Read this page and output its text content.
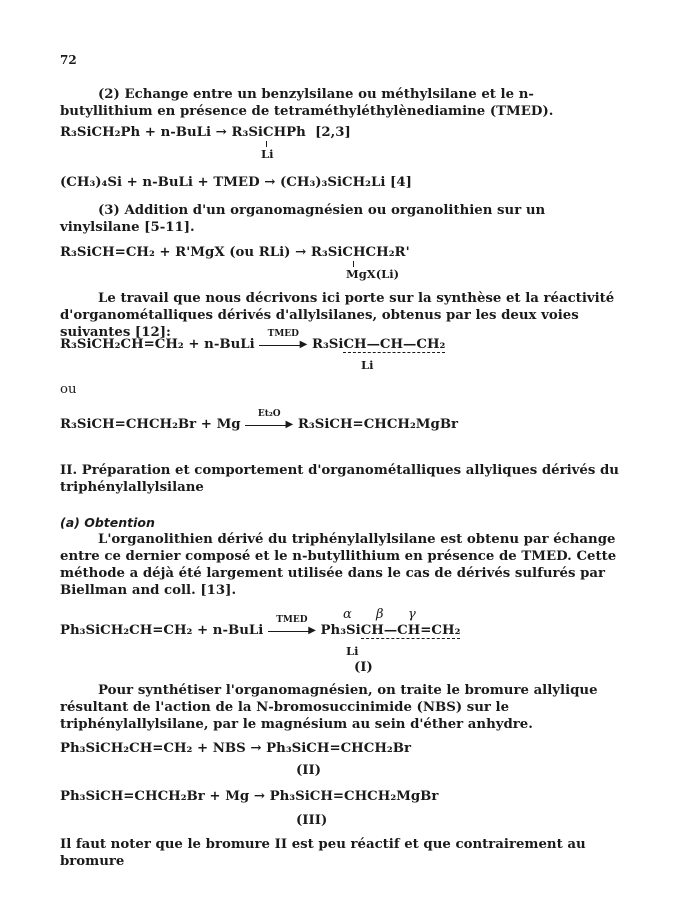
72
(2) Echange entre un benzylsilane ou méthylsilane et le n-butyllithium en présence de tetraméthyléthylènediamine (TMED).
R₃SiCH₂Ph + n-BuLi → R₃SiCHPh [2,3]
Li
(CH₃)₄Si + n-BuLi + TMED → (CH₃)₃SiCH₂Li [4]
(3) Addition d'un organomagnésien ou organolithien sur un vinylsilane [5-11].
R₃SiCH=CH₂ + R'MgX (ou RLi) → R₃SiCHCH₂R'
MgX(Li)
Le travail que nous décrivons ici porte sur la synthèse et la réactivité d'organométalliques dérivés d'allylsilanes, obtenus par les deux voies suivantes [12]:
R₃SiCH₂CH=CH₂ + n-BuLi
TMED
▶ R₃SiCH—CH—CH₂
Li
ou
R₃SiCH=CHCH₂Br + Mg
Et₂O
▶ R₃SiCH=CHCH₂MgBr
II. Préparation et comportement d'organométalliques allyliques dérivés du triphénylallylsilane
(a) Obtention
L'organolithien dérivé du triphénylallylsilane est obtenu par échange entre ce dernier composé et le n-butyllithium en présence de TMED. Cette méthode a déjà été largement utilisée dans le cas de dérivés sulfurés par Biellman and coll. [13].
α β γ
Ph₃SiCH₂CH=CH₂ + n-BuLi
TMED
▶ Ph₃SiCH—CH=CH₂
Li
(I)
Pour synthétiser l'organomagnésien, on traite le bromure allylique résultant de l'action de la N-bromosuccinimide (NBS) sur le triphénylallylsilane, par le magnésium au sein d'éther anhydre.
Ph₃SiCH₂CH=CH₂ + NBS → Ph₃SiCH=CHCH₂Br
(II)
Ph₃SiCH=CHCH₂Br + Mg → Ph₃SiCH=CHCH₂MgBr
(III)
Il faut noter que le bromure II est peu réactif et que contrairement au bromure
